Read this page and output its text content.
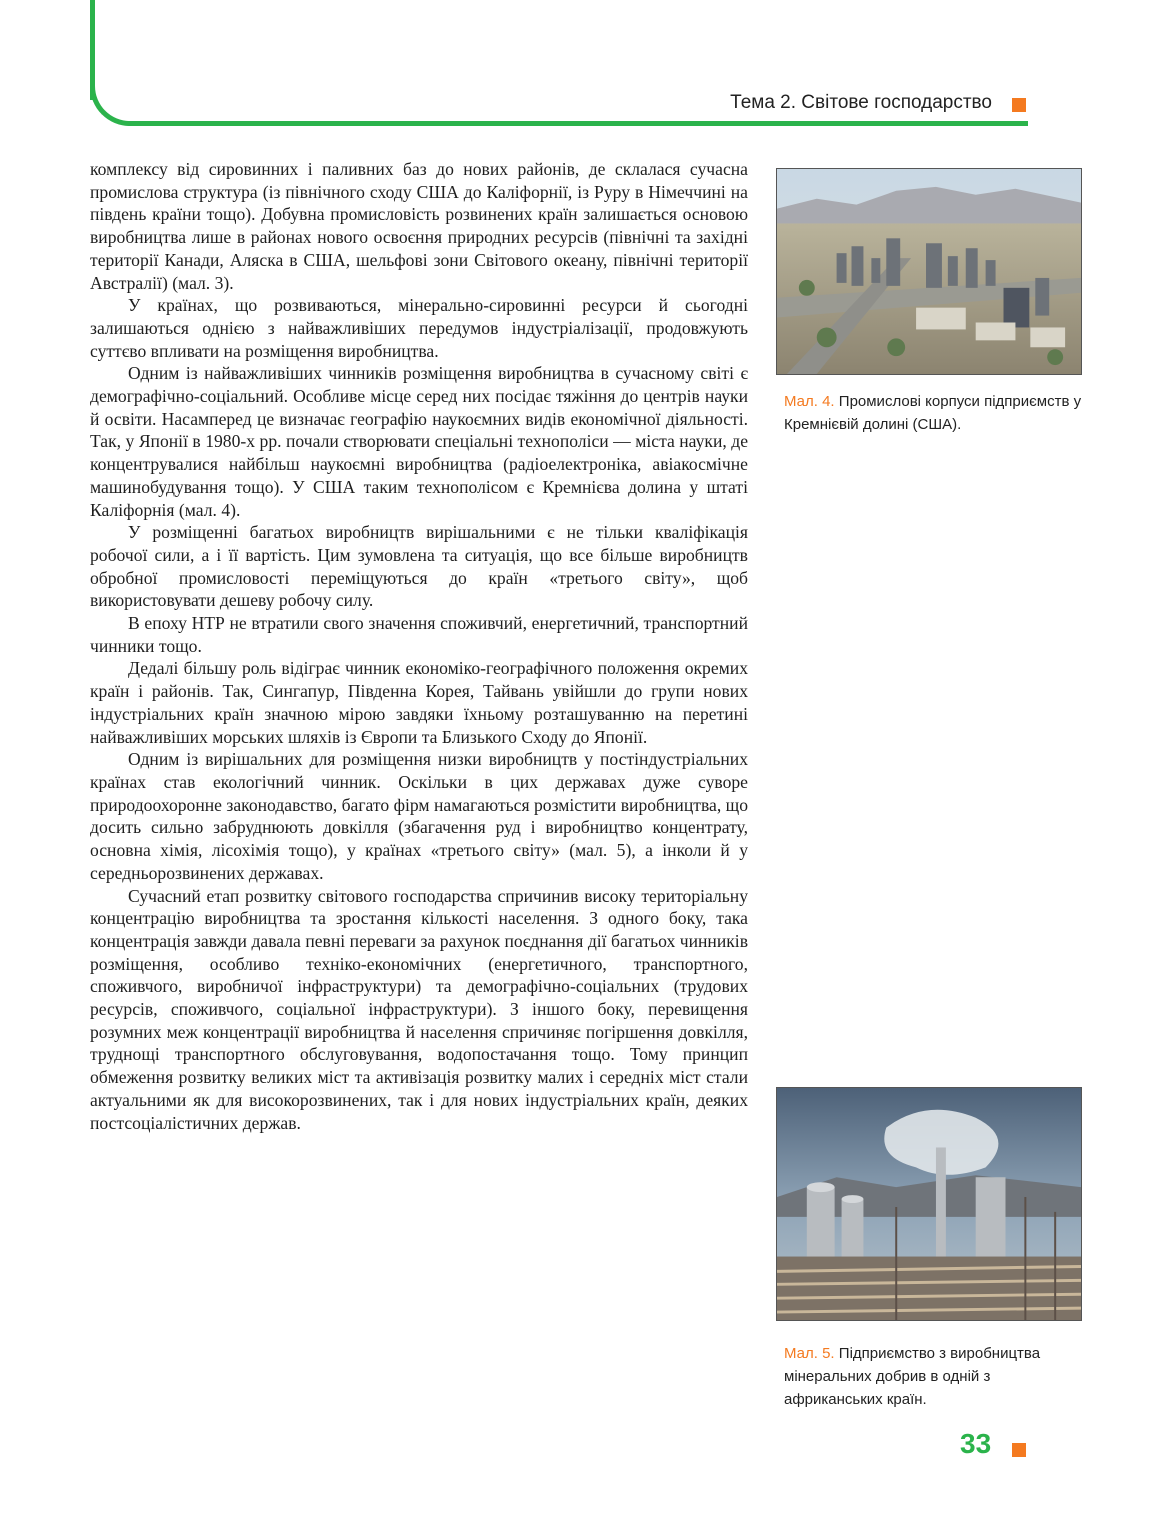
Тема 2. Світове господарство

комплексу від сировинних і паливних баз до нових районів, де склалася сучасна промислова структура (із північного сходу США до Каліфорнії, із Руру в Німеччині на південь країни тощо). Добувна промисловість розвинених країн залишається основою виробництва лише в районах нового освоєння природних ресурсів (північні та західні території Канади, Аляска в США, шельфові зони Світового океану, північні території Австралії) (мал. 3).

У країнах, що розвиваються, мінерально-сировинні ресурси й сьогодні залишаються однією з найважливіших передумов індустріалізації, продовжують суттєво впливати на розміщення виробництва.

Одним із найважливіших чинників розміщення виробництва в сучасному світі є демографічно-соціальний. Особливе місце серед них посідає тяжіння до центрів науки й освіти. Насамперед це визначає географію наукоємних видів економічної діяльності. Так, у Японії в 1980-х рр. почали створювати спеціальні технополіси — міста науки, де концентрувалися найбільш наукоємні виробництва (радіоелектроніка, авіакосмічне машинобудування тощо). У США таким технополісом є Кремнієва долина у штаті Каліфорнія (мал. 4).

У розміщенні багатьох виробництв вирішальними є не тільки кваліфікація робочої сили, а і її вартість. Цим зумовлена та ситуація, що все більше виробництв обробної промисловості переміщуються до країн «третього світу», щоб використовувати дешеву робочу силу.

В епоху НТР не втратили свого значення споживчий, енергетичний, транспортний чинники тощо.

Дедалі більшу роль відіграє чинник економіко-географічного положення окремих країн і районів. Так, Сингапур, Південна Корея, Тайвань увійшли до групи нових індустріальних країн значною мірою завдяки їхньому розташуванню на перетині найважливіших морських шляхів із Європи та Близького Сходу до Японії.

Одним із вирішальних для розміщення низки виробництв у постіндустріальних країнах став екологічний чинник. Оскільки в цих державах дуже суворе природоохоронне законодавство, багато фірм намагаються розмістити виробництва, що досить сильно забруднюють довкілля (збагачення руд і виробництво концентрату, основна хімія, лісохімія тощо), у країнах «третього світу» (мал. 5), а інколи й у середньорозвинених державах.

Сучасний етап розвитку світового господарства спричинив високу територіальну концентрацію виробництва та зростання кількості населення. З одного боку, така концентрація завжди давала певні переваги за рахунок поєднання дії багатьох чинників розміщення, особливо техніко-економічних (енергетичного, транспортного, споживчого, виробничої інфраструктури) та демографічно-соціальних (трудових ресурсів, споживчого, соціальної інфраструктури). З іншого боку, перевищення розумних меж концентрації виробництва й населення спричиняє погіршення довкілля, труднощі транспортного обслуговування, водопостачання тощо. Тому принцип обмеження розвитку великих міст та активізація розвитку малих і середніх міст стали актуальними як для високорозвинених, так і для нових індустріальних країн, деяких постсоціалістичних держав.

Мал. 4. Промислові корпуси підприємств у Кремнієвій долині (США).
Мал. 5. Підприємство з виробництва мінеральних добрив в одній з африканських країн.
33
